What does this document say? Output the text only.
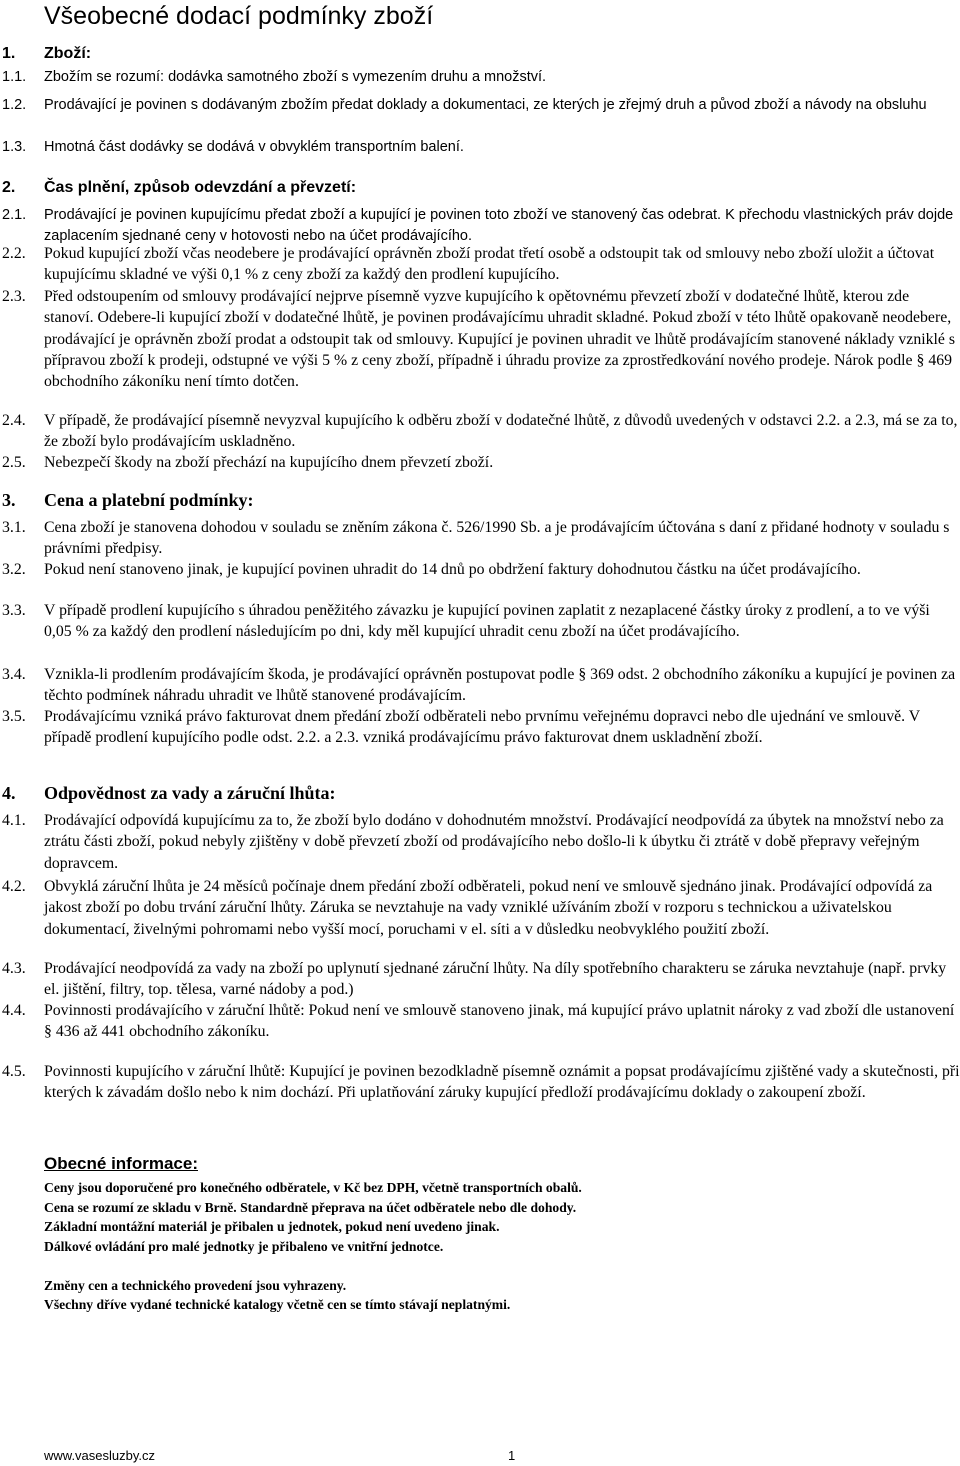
Všeobecné dodací podmínky zboží
1. Zboží:
1.1. Zbožím se rozumí: dodávka samotného zboží s vymezením druhu a množství.
1.2. Prodávající je povinen s dodávaným zbožím předat doklady a dokumentaci, ze kterých je zřejmý druh a původ zboží a návody na obsluhu
1.3. Hmotná část dodávky se dodává v obvyklém transportním balení.
2. Čas plnění, způsob odevzdání a převzetí:
2.1. Prodávající je povinen kupujícímu předat zboží a kupující je povinen toto zboží ve stanovený čas odebrat. K přechodu vlastnických práv dojde zaplacením sjednané ceny v hotovosti nebo na účet prodávajícího.
2.2. Pokud kupující zboží včas neodebere je prodávající oprávněn zboží prodat třetí osobě a odstoupit tak od smlouvy nebo zboží uložit a účtovat kupujícímu skladné ve výši 0,1 % z ceny zboží za každý den prodlení kupujícího.
2.3. Před odstoupením od smlouvy prodávající nejprve písemně vyzve kupujícího k opětovnému převzetí zboží v dodatečné lhůtě, kterou zde stanoví. Odebere-li kupující zboží v dodatečné lhůtě, je povinen prodávajícímu uhradit skladné. Pokud zboží v této lhůtě opakovaně neodebere, prodávající je oprávněn zboží prodat a odstoupit tak od smlouvy. Kupující je povinen uhradit ve lhůtě prodávajícím stanovené náklady vzniklé s přípravou zboží k prodeji, odstupné ve výši 5 % z ceny zboží, případně i úhradu provize za zprostředkování nového prodeje. Nárok podle § 469 obchodního zákoníku není tímto dotčen.
2.4. V případě, že prodávající písemně nevyzval kupujícího k odběru zboží v dodatečné lhůtě, z důvodů uvedených v odstavci 2.2. a 2.3, má se za to, že zboží bylo prodávajícím uskladněno.
2.5. Nebezpečí škody na zboží přechází na kupujícího dnem převzetí zboží.
3. Cena a platební podmínky:
3.1. Cena zboží je stanovena dohodou v souladu se zněním zákona č. 526/1990 Sb. a je prodávajícím účtována s daní z přidané hodnoty v souladu s právními předpisy.
3.2. Pokud není stanoveno jinak, je kupující povinen uhradit do 14 dnů po obdržení faktury dohodnutou částku na účet prodávajícího.
3.3. V případě prodlení kupujícího s úhradou peněžitého závazku je kupující povinen zaplatit z nezaplacené částky úroky z prodlení, a to ve výši 0,05 % za každý den prodlení následujícím po dni, kdy měl kupující uhradit cenu zboží na účet prodávajícího.
3.4. Vznikla-li prodlením prodávajícím škoda, je prodávající oprávněn postupovat podle § 369 odst. 2 obchodního zákoníku a kupující je povinen za těchto podmínek náhradu uhradit ve lhůtě stanovené prodávajícím.
3.5. Prodávajícímu vzniká právo fakturovat dnem předání zboží odběrateli nebo prvnímu veřejnému dopravci nebo dle ujednání ve smlouvě. V případě prodlení kupujícího podle odst. 2.2. a 2.3. vzniká prodávajícímu právo fakturovat dnem uskladnění zboží.
4. Odpovědnost za vady a záruční lhůta:
4.1. Prodávající odpovídá kupujícímu za to, že zboží bylo dodáno v dohodnutém množství. Prodávající neodpovídá za úbytek na množství nebo za ztrátu části zboží, pokud nebyly zjištěny v době převzetí zboží od prodávajícího nebo došlo-li k úbytku či ztrátě v době přepravy veřejným dopravcem.
4.2. Obvyklá záruční lhůta je 24 měsíců počínaje dnem předání zboží odběrateli, pokud není ve smlouvě sjednáno jinak. Prodávající odpovídá za jakost zboží po dobu trvání záruční lhůty. Záruka se nevztahuje na vady vzniklé užíváním zboží v rozporu s technickou a uživatelskou dokumentací, živelnými pohromami nebo vyšší mocí, poruchami v el. síti a v důsledku neobvyklého použití zboží.
4.3. Prodávající neodpovídá za vady na zboží po uplynutí sjednané záruční lhůty. Na díly spotřebního charakteru se záruka nevztahuje (např. prvky el. jištění, filtry, top. tělesa, varné nádoby a pod.)
4.4. Povinnosti prodávajícího v záruční lhůtě: Pokud není ve smlouvě stanoveno jinak, má kupující právo uplatnit nároky z vad zboží dle ustanovení § 436 až 441 obchodního zákoníku.
4.5. Povinnosti kupujícího v záruční lhůtě: Kupující je povinen bezodkladně písemně oznámit a popsat prodávajícímu zjištěné vady a skutečnosti, při kterých k závadám došlo nebo k nim dochází. Při uplatňování záruky kupující předloží prodávajícímu doklady o zakoupení zboží.
Obecné informace:
Ceny jsou doporučené pro konečného odběratele, v Kč bez DPH, včetně transportních obalů.
Cena se rozumí ze skladu v Brně. Standardně přeprava na účet odběratele nebo dle dohody.
Základní montážní materiál je přibalen u jednotek, pokud není uvedeno jinak.
Dálkové ovládání pro malé jednotky je přibaleno ve vnitřní jednotce.
Změny cen a technického provedení jsou vyhrazeny.
Všechny dříve vydané technické katalogy včetně cen se tímto stávají neplatnými.
www.vasesluzby.cz	1
